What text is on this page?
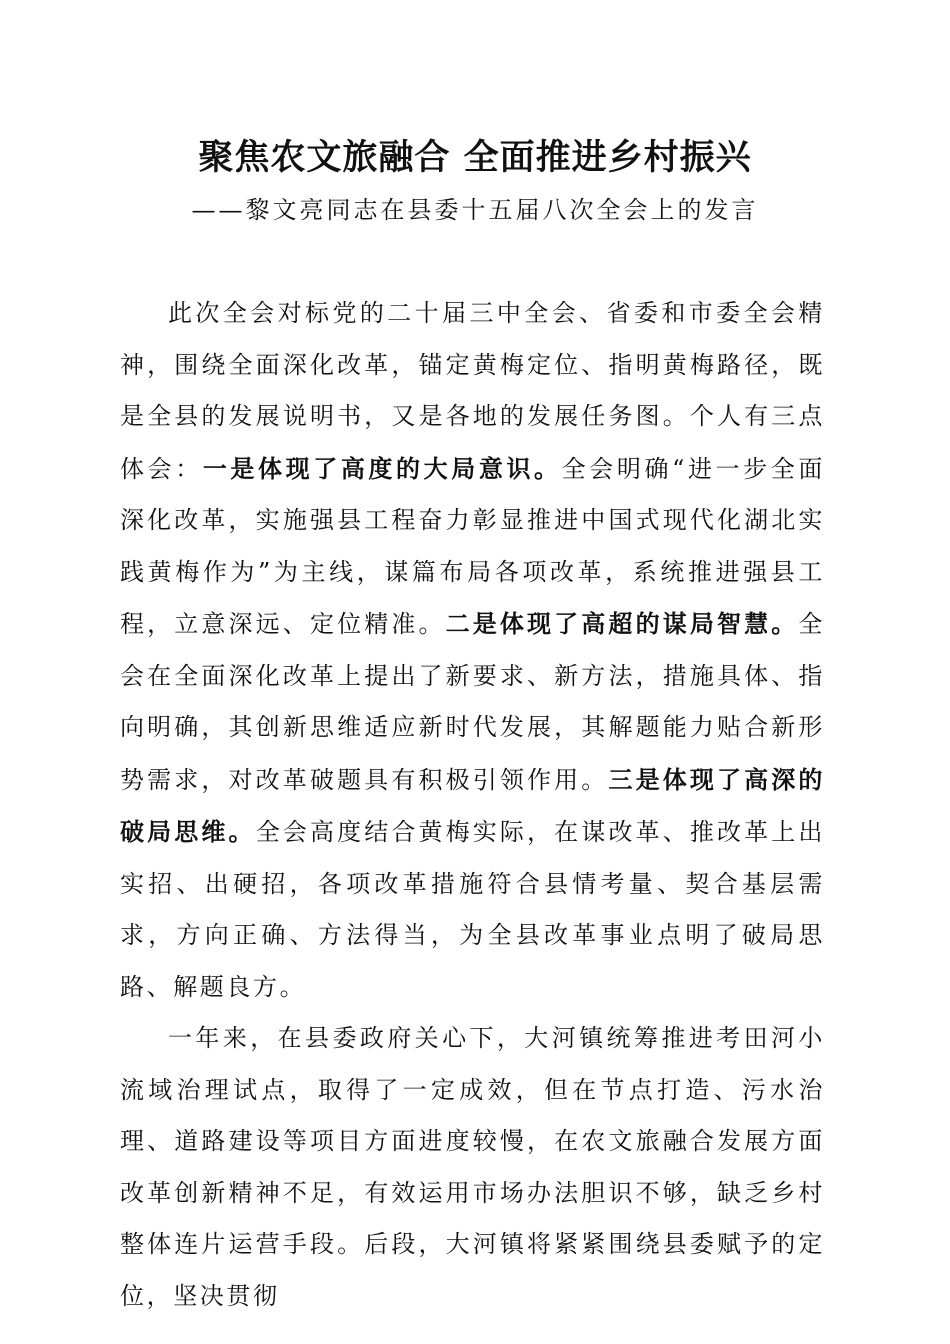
聚焦农文旅融合 全面推进乡村振兴
——黎文亮同志在县委十五届八次全会上的发言

此次全会对标党的二十届三中全会、省委和市委全会精神，围绕全面深化改革，锚定黄梅定位、指明黄梅路径，既是全县的发展说明书，又是各地的发展任务图。个人有三点体会：一是体现了高度的大局意识。全会明确“进一步全面深化改革，实施强县工程奋力彰显推进中国式现代化湖北实践黄梅作为”为主线，谋篇布局各项改革，系统推进强县工程，立意深远、定位精准。二是体现了高超的谋局智慧。全会在全面深化改革上提出了新要求、新方法，措施具体、指向明确，其创新思维适应新时代发展，其解题能力贴合新形势需求，对改革破题具有积极引领作用。三是体现了高深的破局思维。全会高度结合黄梅实际，在谋改革、推改革上出实招、出硬招，各项改革措施符合县情考量、契合基层需求，方向正确、方法得当，为全县改革事业点明了破局思路、解题良方。

一年来，在县委政府关心下，大河镇统筹推进考田河小流域治理试点，取得了一定成效，但在节点打造、污水治理、道路建设等项目方面进度较慢，在农文旅融合发展方面改革创新精神不足，有效运用市场办法胆识不够，缺乏乡村整体连片运营手段。后段，大河镇将紧紧围绕县委赋予的定位，坚决贯彻
